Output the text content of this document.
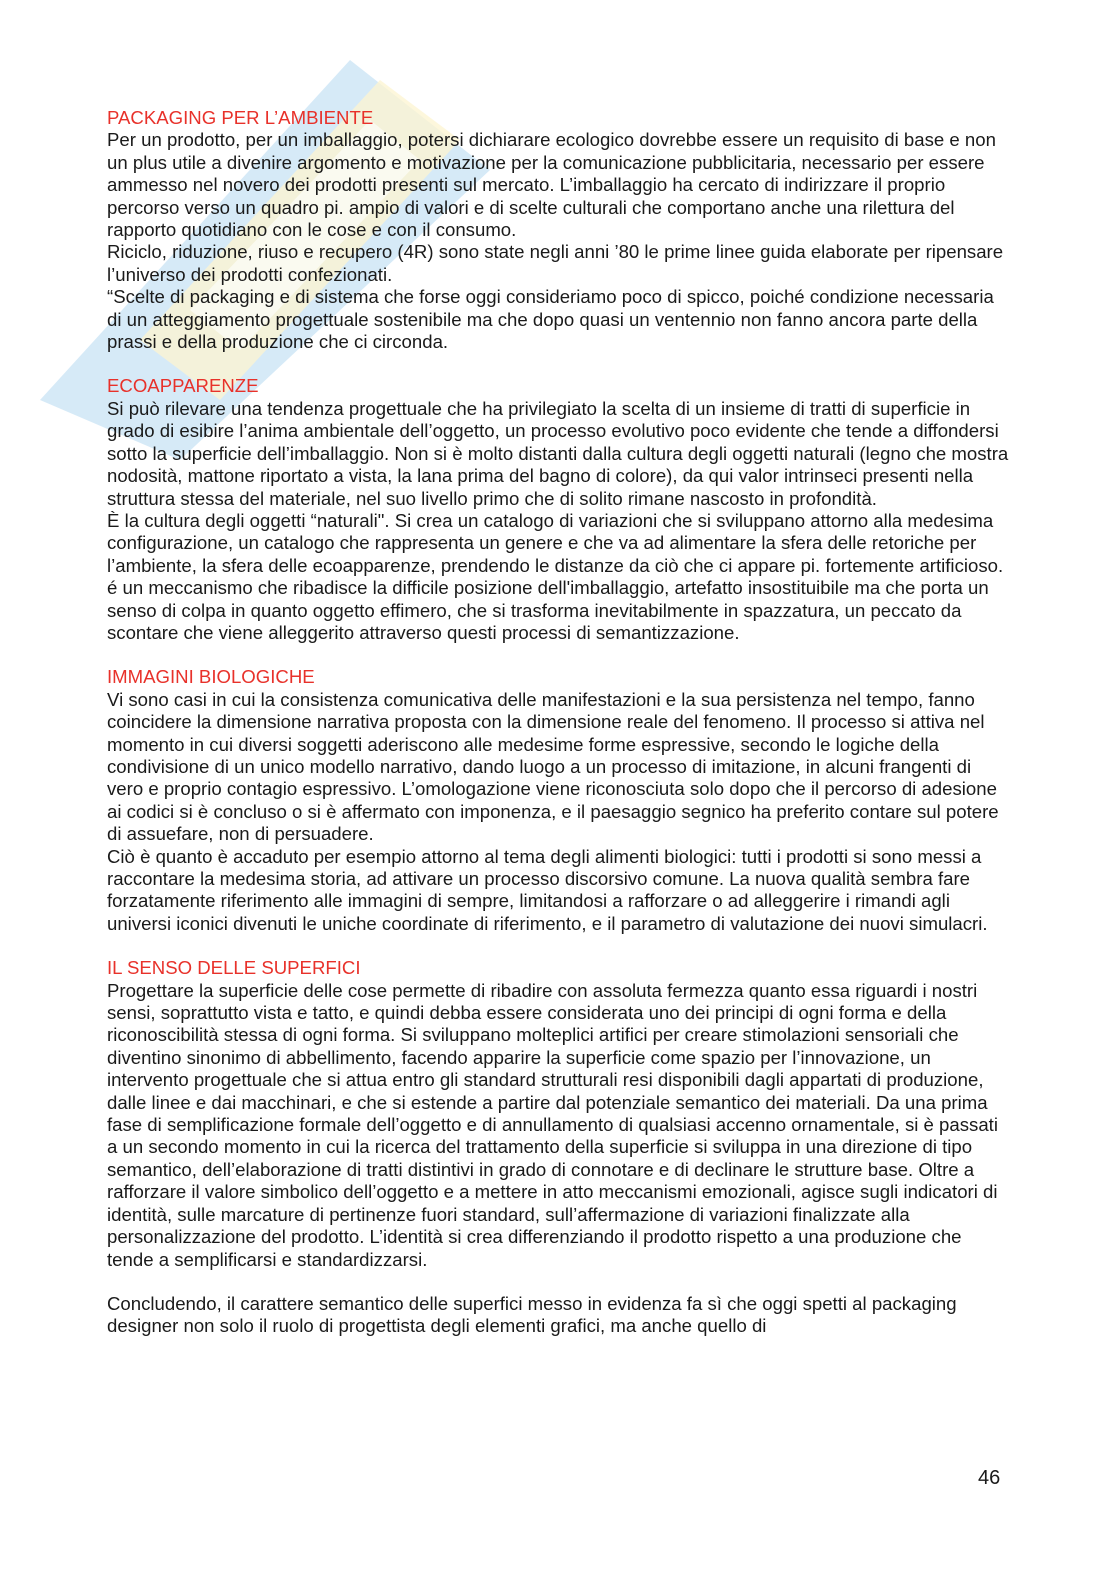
PACKAGING PER L’AMBIENTE

Per un prodotto, per un imballaggio, potersi dichiarare ecologico dovrebbe essere un requisito di base e non un plus utile a divenire argomento e motivazione per la comunicazione pubblicitaria, necessario per essere ammesso nel novero dei prodotti presenti sul mercato. L’imballaggio ha cercato di indirizzare il proprio percorso verso un quadro pi. ampio di valori e di scelte culturali che comportano anche una rilettura del rapporto quotidiano con le cose e con il consumo.

Riciclo, riduzione, riuso e recupero (4R) sono state negli anni ’80 le prime linee guida elaborate per ripensare l’universo dei prodotti confezionati.

“Scelte di packaging e di sistema che forse oggi consideriamo poco di spicco, poiché condizione necessaria di un atteggiamento progettuale sostenibile ma che dopo quasi un ventennio non fanno ancora parte della prassi e della produzione che ci circonda.

ECOAPPARENZE

Si può rilevare una tendenza progettuale che ha privilegiato la scelta di un insieme di tratti di superficie in grado di esibire l’anima ambientale dell’oggetto, un processo evolutivo poco evidente che tende a diffondersi sotto la superficie dell’imballaggio. Non si è molto distanti dalla cultura degli oggetti naturali (legno che mostra nodosità, mattone riportato a vista, la lana prima del bagno di colore), da qui valor intrinseci presenti nella struttura stessa del materiale, nel suo livello primo che di solito rimane nascosto in profondità.

È la cultura degli oggetti “naturali". Si crea un catalogo di variazioni che si sviluppano attorno alla medesima configurazione, un catalogo che rappresenta un genere e che va ad alimentare la sfera delle retoriche per l’ambiente, la sfera delle ecoapparenze, prendendo le distanze da ciò che ci appare pi. fortemente artificioso. é un meccanismo che ribadisce la difficile posizione dell'imballaggio, artefatto insostituibile ma che porta un senso di colpa in quanto oggetto effimero, che si trasforma inevitabilmente in spazzatura, un peccato da scontare che viene alleggerito attraverso questi processi di semantizzazione.

IMMAGINI BIOLOGICHE

Vi sono casi in cui la consistenza comunicativa delle manifestazioni e la sua persistenza nel tempo, fanno coincidere la dimensione narrativa proposta con la dimensione reale del fenomeno. Il processo si attiva nel momento in cui diversi soggetti aderiscono alle medesime forme espressive, secondo le logiche della condivisione di un unico modello narrativo, dando luogo a un processo di imitazione, in alcuni frangenti di vero e proprio contagio espressivo. L’omologazione viene riconosciuta solo dopo che il percorso di adesione ai codici si è concluso o si è affermato con imponenza, e il paesaggio segnico ha preferito contare sul potere di assuefare, non di persuadere.

Ciò è quanto è accaduto per esempio attorno al tema degli alimenti biologici: tutti i prodotti si sono messi a raccontare la medesima storia, ad attivare un processo discorsivo comune. La nuova qualità sembra fare forzatamente riferimento alle immagini di sempre, limitandosi a rafforzare o ad alleggerire i rimandi agli universi iconici divenuti le uniche coordinate di riferimento, e il parametro di valutazione dei nuovi simulacri.

IL SENSO DELLE SUPERFICI

Progettare la superficie delle cose permette di ribadire con assoluta fermezza quanto essa riguardi i nostri sensi, soprattutto vista e tatto, e quindi debba essere considerata uno dei principi di ogni forma e della riconoscibilità stessa di ogni forma. Si sviluppano molteplici artifici per creare stimolazioni sensoriali che diventino sinonimo di abbellimento, facendo apparire la superficie come spazio per l’innovazione, un intervento progettuale che si attua entro gli standard strutturali resi disponibili dagli appartati di produzione, dalle linee e dai macchinari, e che si estende a partire dal potenziale semantico dei materiali. Da una prima fase di semplificazione formale dell’oggetto e di annullamento di qualsiasi accenno ornamentale, si è passati a un secondo momento in cui la ricerca del trattamento della superficie si sviluppa in una direzione di tipo semantico, dell’elaborazione di tratti distintivi in grado di connotare e di declinare le strutture base. Oltre a rafforzare il valore simbolico dell’oggetto e a mettere in atto meccanismi emozionali, agisce sugli indicatori di identità, sulle marcature di pertinenze fuori standard, sull’affermazione di variazioni finalizzate alla personalizzazione del prodotto. L’identità si crea differenziando il prodotto rispetto a una produzione che tende a semplificarsi e standardizzarsi.

Concludendo, il carattere semantico delle superfici messo in evidenza fa sì che oggi spetti al packaging designer non solo il ruolo di progettista degli elementi grafici, ma anche quello di

46
